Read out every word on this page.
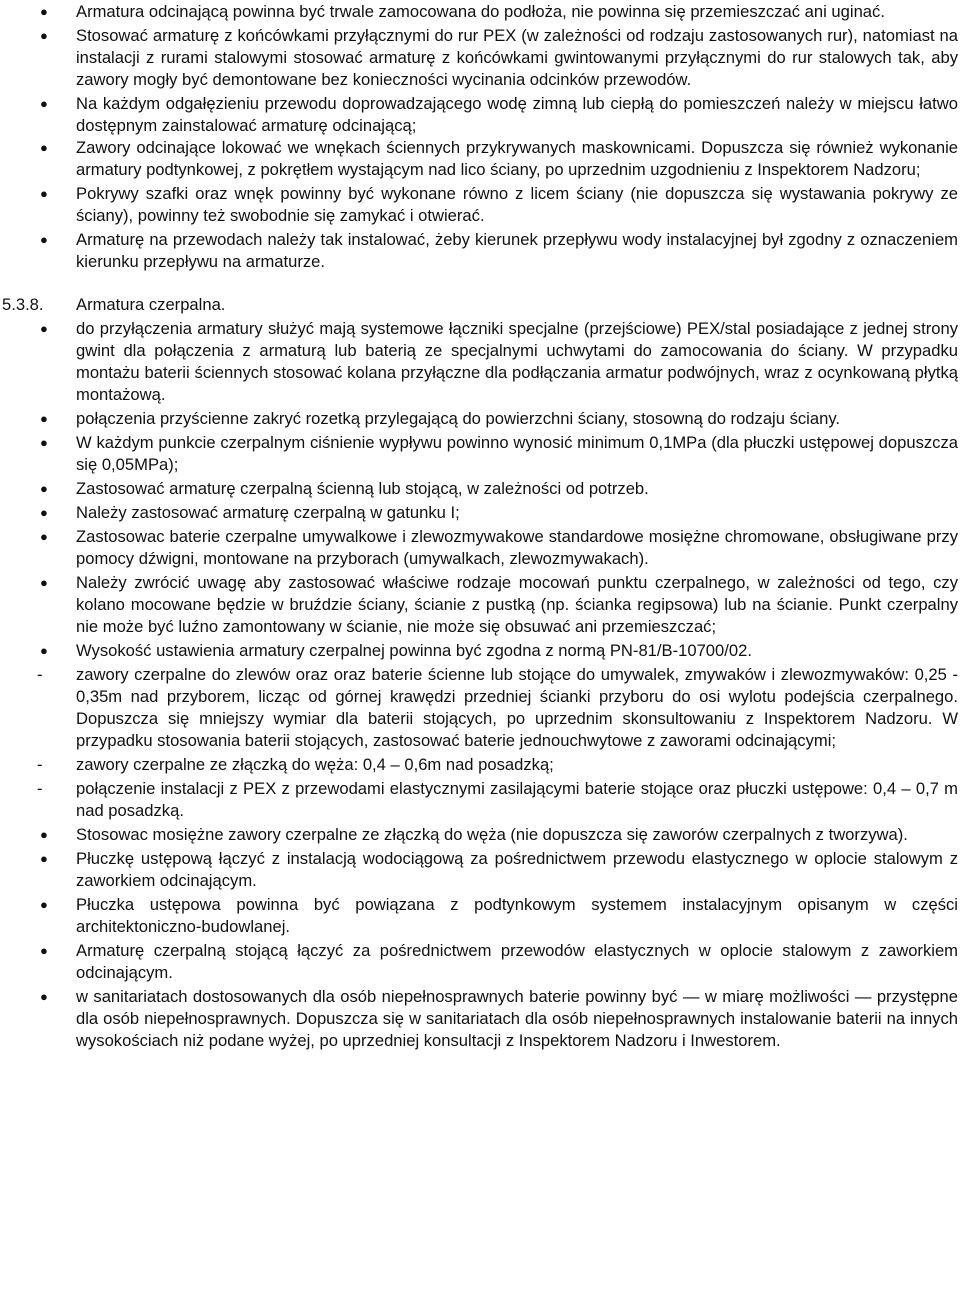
●	Armatura odcinającą powinna być trwale zamocowana do podłoża, nie powinna się przemieszczać ani uginać.
●	Stosować armaturę z końcówkami przyłącznymi do rur PEX (w zależności od rodzaju zastosowanych rur), natomiast na instalacji z rurami stalowymi stosować armaturę z końcówkami gwintowanymi przyłącznymi do rur stalowych tak, aby zawory mogły być demontowane bez konieczności wycinania odcinków przewodów.
●	Na każdym odgałęzieniu przewodu doprowadzającego wodę zimną lub ciepłą do pomieszczeń należy w miejscu łatwo dostępnym zainstalować armaturę odcinającą;
●	Zawory odcinające lokować we wnękach ściennych przykrywanych maskownicami. Dopuszcza się również wykonanie armatury podtynkowej, z pokrętłem wystającym nad lico ściany, po uprzednim uzgodnieniu z Inspektorem Nadzoru;
●	Pokrywy szafki oraz wnęk powinny być wykonane równo z licem ściany (nie dopuszcza się wystawania pokrywy ze ściany), powinny też swobodnie się zamykać i otwierać.
●	Armaturę na przewodach należy tak instalować, żeby kierunek przepływu wody instalacyjnej był zgodny z oznaczeniem kierunku przepływu na armaturze.
5.3.8.	Armatura czerpalna.
●	do przyłączenia armatury służyć mają systemowe łączniki specjalne (przejściowe) PEX/stal posiadające z jednej strony gwint dla połączenia z armaturą lub baterią ze specjalnymi uchwytami do zamocowania do ściany. W przypadku montażu baterii ściennych stosować kolana przyłączne dla podłączania armatur podwójnych, wraz z ocynkowaną płytką montażową.
●	połączenia przyścienne zakryć rozetką przylegającą do powierzchni ściany, stosowną do rodzaju ściany.
●	W każdym punkcie czerpalnym ciśnienie wypływu powinno wynosić minimum 0,1MPa (dla płuczki ustępowej dopuszcza się 0,05MPa);
●	Zastosować armaturę czerpalną ścienną lub stojącą, w zależności od potrzeb.
●	Należy zastosować armaturę czerpalną w gatunku I;
●	Zastosowac baterie czerpalne umywalkowe i zlewozmywakowe standardowe mosiężne chromowane, obsługiwane przy pomocy dźwigni, montowane na przyborach (umywalkach, zlewozmywakach).
●	Należy zwrócić uwagę aby zastosować właściwe rodzaje mocowań punktu czerpalnego, w zależności od tego, czy kolano mocowane będzie w bruździe ściany, ścianie z pustką (np. ścianka regipsowa) lub na ścianie. Punkt czerpalny nie może być luźno zamontowany w ścianie, nie może się obsuwać ani przemieszczać;
●	Wysokość ustawienia armatury czerpalnej powinna być zgodna z normą PN-81/B-10700/02.
-	zawory czerpalne do zlewów oraz oraz baterie ścienne lub stojące do umywalek, zmywaków i zlewozmywaków: 0,25 - 0,35m nad przyborem, licząc od górnej krawędzi przedniej ścianki przyboru do osi wylotu podejścia czerpalnego. Dopuszcza się mniejszy wymiar dla baterii stojących, po uprzednim skonsultowaniu z Inspektorem Nadzoru. W przypadku stosowania baterii stojących, zastosować baterie jednouchwytowe z zaworami odcinającymi;
-	zawory czerpalne ze złączką do węża: 0,4 – 0,6m nad posadzką;
-	połączenie instalacji z PEX z przewodami elastycznymi zasilającymi baterie stojące oraz płuczki ustępowe: 0,4 – 0,7 m nad posadzką.
●	Stosowac mosiężne zawory czerpalne ze złączką do węża (nie dopuszcza się zaworów czerpalnych z tworzywa).
●	Płuczkę ustępową łączyć z instalacją wodociągową za pośrednictwem przewodu elastycznego w oplocie stalowym z zaworkiem odcinającym.
●	Płuczka ustępowa powinna być powiązana z podtynkowym systemem instalacyjnym opisanym w części architektoniczno-budowlanej.
●	Armaturę czerpalną stojącą łączyć za pośrednictwem przewodów elastycznych w oplocie stalowym z zaworkiem odcinającym.
●	w sanitariatach dostosowanych dla osób niepełnosprawnych baterie powinny być — w miarę możliwości — przystępne dla osób niepełnosprawnych. Dopuszcza się w sanitariatach dla osób niepełnosprawnych instalowanie baterii na innych wysokościach niż podane wyżej, po uprzedniej konsultacji z Inspektorem Nadzoru i Inwestorem.
